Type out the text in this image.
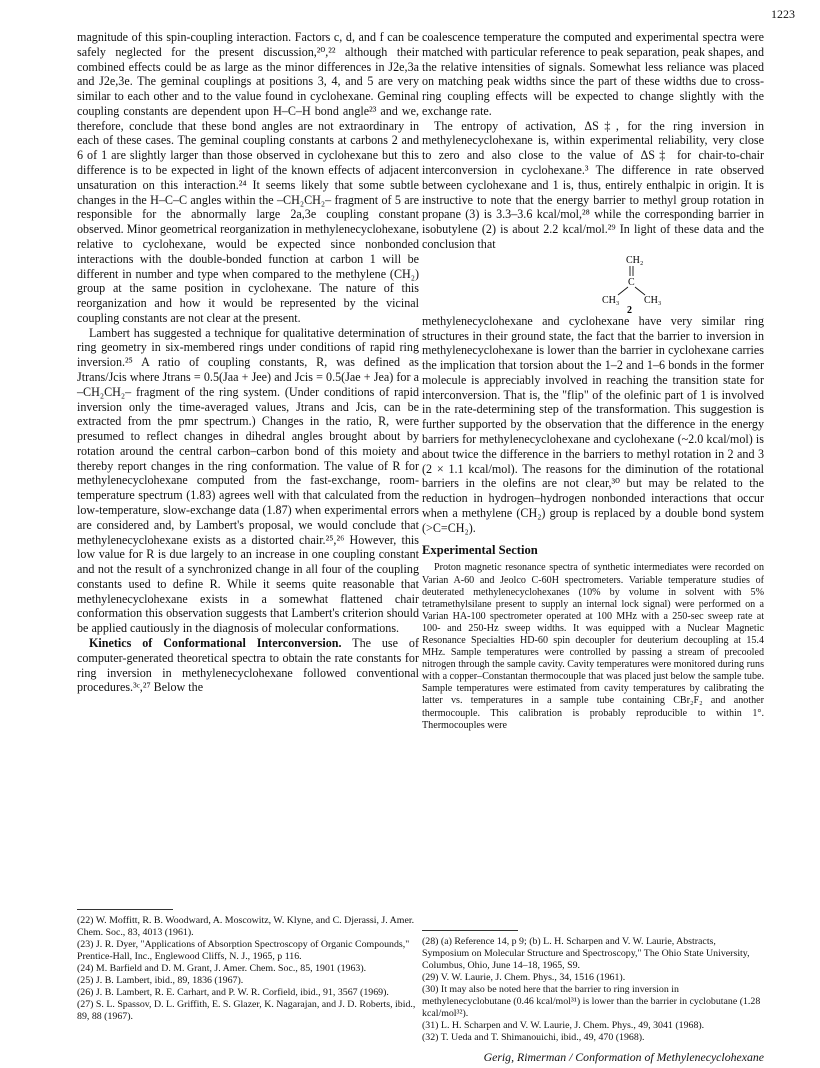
1223

magnitude of this spin-coupling interaction. Factors c, d, and f can be safely neglected for the present discussion,²⁰,²² although their combined effects could be as large as the minor differences in J2e,3a and J2e,3e. The geminal couplings at positions 3, 4, and 5 are very similar to each other and to the value found in cyclohexane. Geminal coupling constants are dependent upon H–C–H bond angle²³ and we, therefore, conclude that these bond angles are not extraordinary in each of these cases. The geminal coupling constants at carbons 2 and 6 of 1 are slightly larger than those observed in cyclohexane but this difference is to be expected in light of the known effects of adjacent unsaturation on this interaction.²⁴ It seems likely that some subtle changes in the H–C–C angles within the –CH₂CH₂– fragment of 5 are responsible for the abnormally large 2a,3e coupling constant observed. Minor geometrical reorganization in methylenecyclohexane, relative to cyclohexane, would be expected since nonbonded interactions with the double-bonded function at carbon 1 will be different in number and type when compared to the methylene (CH₂) group at the same position in cyclohexane. The nature of this reorganization and how it would be represented by the vicinal coupling constants are not clear at the present.

Lambert has suggested a technique for qualitative determination of ring geometry in six-membered rings under conditions of rapid ring inversion.²⁵ A ratio of coupling constants, R, was defined as Jtrans/Jcis where Jtrans = 0.5(Jaa + Jee) and Jcis = 0.5(Jae + Jea) for a –CH₂CH₂– fragment of the ring system. (Under conditions of rapid inversion only the time-averaged values, Jtrans and Jcis, can be extracted from the pmr spectrum.) Changes in the ratio, R, were presumed to reflect changes in dihedral angles brought about by rotation around the central carbon–carbon bond of this moiety and thereby report changes in the ring conformation. The value of R for methylenecyclohexane computed from the fast-exchange, room-temperature spectrum (1.83) agrees well with that calculated from the low-temperature, slow-exchange data (1.87) when experimental errors are considered and, by Lambert's proposal, we would conclude that methylenecyclohexane exists as a distorted chair.²⁵,²⁶ However, this low value for R is due largely to an increase in one coupling constant and not the result of a synchronized change in all four of the coupling constants used to define R. While it seems quite reasonable that methylenecyclohexane exists in a somewhat flattened chair conformation this observation suggests that Lambert's criterion should be applied cautiously in the diagnosis of molecular conformations.

Kinetics of Conformational Interconversion. The use of computer-generated theoretical spectra to obtain the rate constants for ring inversion in methylenecyclohexane followed conventional procedures.³ᶜ,²⁷ Below the

(22) W. Moffitt, R. B. Woodward, A. Moscowitz, W. Klyne, and C. Djerassi, J. Amer. Chem. Soc., 83, 4013 (1961).

(23) J. R. Dyer, "Applications of Absorption Spectroscopy of Organic Compounds," Prentice-Hall, Inc., Englewood Cliffs, N. J., 1965, p 116.

(24) M. Barfield and D. M. Grant, J. Amer. Chem. Soc., 85, 1901 (1963).

(25) J. B. Lambert, ibid., 89, 1836 (1967).

(26) J. B. Lambert, R. E. Carhart, and P. W. R. Corfield, ibid., 91, 3567 (1969).

(27) S. L. Spassov, D. L. Griffith, E. S. Glazer, K. Nagarajan, and J. D. Roberts, ibid., 89, 88 (1967).

coalescence temperature the computed and experimental spectra were matched with particular reference to peak separation, peak shapes, and the relative intensities of signals. Somewhat less reliance was placed on matching peak widths since the part of these widths due to cross-ring coupling effects will be expected to change slightly with the exchange rate.

The entropy of activation, ΔS‡, for the ring inversion in methylenecyclohexane is, within experimental reliability, very close to zero and also close to the value of ΔS‡ for chair-to-chair interconversion in cyclohexane.³ The difference in rate observed between cyclohexane and 1 is, thus, entirely enthalpic in origin. It is instructive to note that the energy barrier to methyl group rotation in propane (3) is 3.3–3.6 kcal/mol,²⁸ while the corresponding barrier in isobutylene (2) is about 2.2 kcal/mol.²⁹ In light of these data and the conclusion that

CH₂
C
CH₃ CH₃
2

methylenecyclohexane and cyclohexane have very similar ring structures in their ground state, the fact that the barrier to inversion in methylenecyclohexane is lower than the barrier in cyclohexane carries the implication that torsion about the 1–2 and 1–6 bonds in the former molecule is appreciably involved in reaching the transition state for interconversion. That is, the "flip" of the olefinic part of 1 is involved in the rate-determining step of the transformation. This suggestion is further supported by the observation that the difference in the energy barriers for methylenecyclohexane and cyclohexane (~2.0 kcal/mol) is about twice the difference in the barriers to methyl rotation in 2 and 3 (2 × 1.1 kcal/mol). The reasons for the diminution of the rotational barriers in the olefins are not clear,³⁰ but may be related to the reduction in hydrogen–hydrogen nonbonded interactions that occur when a methylene (CH₂) group is replaced by a double bond system (>C=CH₂).

Experimental Section

Proton magnetic resonance spectra of synthetic intermediates were recorded on Varian A-60 and Jeolco C-60H spectrometers. Variable temperature studies of deuterated methylenecyclohexanes (10% by volume in solvent with 5% tetramethylsilane present to supply an internal lock signal) were performed on a Varian HA-100 spectrometer operated at 100 MHz with a 250-sec sweep rate at 100- and 250-Hz sweep widths. It was equipped with a Nuclear Magnetic Resonance Specialties HD-60 spin decoupler for deuterium decoupling at 15.4 MHz. Sample temperatures were controlled by passing a stream of precooled nitrogen through the sample cavity. Cavity temperatures were monitored during runs with a copper–Constantan thermocouple that was placed just below the sample tube. Sample temperatures were estimated from cavity temperatures by calibrating the latter vs. temperatures in a sample tube containing CBr₂F₂ and another thermocouple. This calibration is probably reproducible to within 1°. Thermocouples were

(28) (a) Reference 14, p 9; (b) L. H. Scharpen and V. W. Laurie, Abstracts, Symposium on Molecular Structure and Spectroscopy," The Ohio State University, Columbus, Ohio, June 14–18, 1965, S9.

(29) V. W. Laurie, J. Chem. Phys., 34, 1516 (1961).

(30) It may also be noted here that the barrier to ring inversion in methylenecyclobutane (0.46 kcal/mol³¹) is lower than the barrier in cyclobutane (1.28 kcal/mol³²).

(31) L. H. Scharpen and V. W. Laurie, J. Chem. Phys., 49, 3041 (1968).

(32) T. Ueda and T. Shimanouichi, ibid., 49, 470 (1968).

Gerig, Rimerman / Conformation of Methylenecyclohexane
